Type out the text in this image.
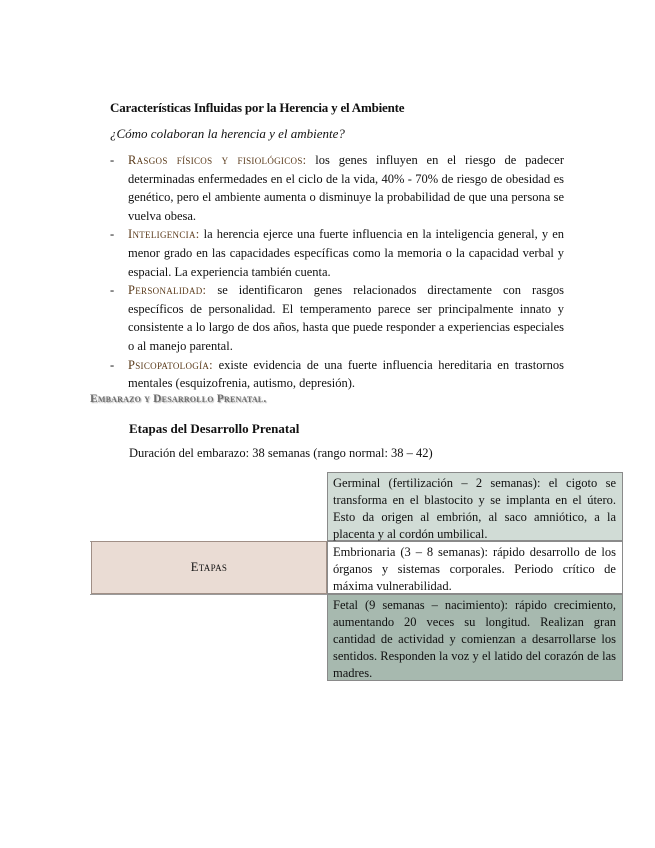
Características Influidas por la Herencia y el Ambiente
¿Cómo colaboran la herencia y el ambiente?
- Rasgos físicos y fisiológicos: los genes influyen en el riesgo de padecer determinadas enfermedades en el ciclo de la vida, 40% - 70% de riesgo de obesidad es genético, pero el ambiente aumenta o disminuye la probabilidad de que una persona se vuelva obesa.
- Inteligencia: la herencia ejerce una fuerte influencia en la inteligencia general, y en menor grado en las capacidades específicas como la memoria o la capacidad verbal y espacial. La experiencia también cuenta.
- Personalidad: se identificaron genes relacionados directamente con rasgos específicos de personalidad. El temperamento parece ser principalmente innato y consistente a lo largo de dos años, hasta que puede responder a experiencias especiales o al manejo parental.
- Psicopatología: existe evidencia de una fuerte influencia hereditaria en trastornos mentales (esquizofrenia, autismo, depresión).
Embarazo y Desarrollo Prenatal.
Etapas del Desarrollo Prenatal
Duración del embarazo: 38 semanas (rango normal: 38 – 42)
Etapas
Germinal (fertilización – 2 semanas): el cigoto se transforma en el blastocito y se implanta en el útero. Esto da origen al embrión, al saco amniótico, a la placenta y al cordón umbilical.
Embrionaria (3 – 8 semanas): rápido desarrollo de los órganos y sistemas corporales. Periodo crítico de máxima vulnerabilidad.
Fetal (9 semanas – nacimiento): rápido crecimiento, aumentando 20 veces su longitud. Realizan gran cantidad de actividad y comienzan a desarrollarse los sentidos. Responden la voz y el latido del corazón de las madres.
